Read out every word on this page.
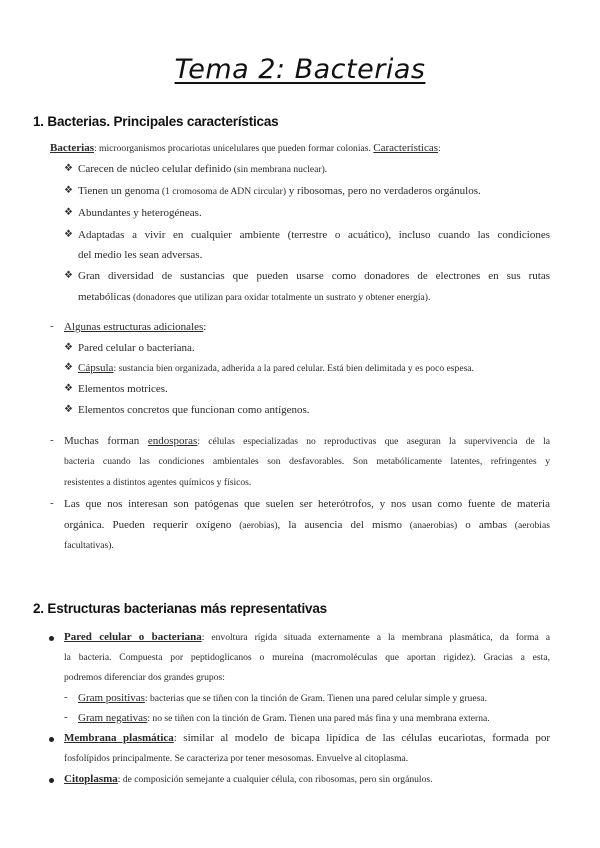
Tema 2: Bacterias
1. Bacterias. Principales características
Bacterias: microorganismos procariotas unicelulares que pueden formar colonias. Características:
❖ Carecen de núcleo celular definido (sin membrana nuclear).
❖ Tienen un genoma (1 cromosoma de ADN circular) y ribosomas, pero no verdaderos orgánulos.
❖ Abundantes y heterogéneas.
❖ Adaptadas a vivir en cualquier ambiente (terrestre o acuático), incluso cuando las condiciones
del medio les sean adversas.
❖ Gran diversidad de sustancias que pueden usarse como donadores de electrones en sus rutas
metabólicas (donadores que utilizan para oxidar totalmente un sustrato y obtener energía).
- Algunas estructuras adicionales:
❖ Pared celular o bacteriana.
❖ Cápsula: sustancia bien organizada, adherida a la pared celular. Está bien delimitada y es poco espesa.
❖ Elementos motrices.
❖ Elementos concretos que funcionan como antígenos.
- Muchas forman endosporas: células especializadas no reproductivas que aseguran la supervivencia de la
bacteria cuando las condiciones ambientales son desfavorables. Son metabólicamente latentes, refringentes y
resistentes a distintos agentes químicos y físicos.
- Las que nos interesan son patógenas que suelen ser heterótrofos, y nos usan como fuente de materia
orgánica. Pueden requerir oxígeno (aerobias), la ausencia del mismo (anaerobias) o ambas (aerobias
facultativas).
2. Estructuras bacterianas más representativas
Pared celular o bacteriana: envoltura rígida situada externamente a la membrana plasmática, da forma a
la bacteria. Compuesta por peptidoglicanos o mureína (macromoléculas que aportan rigidez). Gracias a esta,
podremos diferenciar dos grandes grupos:
- Gram positivas: bacterias que se tiñen con la tinción de Gram. Tienen una pared celular simple y gruesa.
- Gram negativas: no se tiñen con la tinción de Gram. Tienen una pared más fina y una membrana externa.
Membrana plasmática: similar al modelo de bicapa lipídica de las células eucariotas, formada por
fosfolípidos principalmente. Se caracteriza por tener mesosomas. Envuelve al citoplasma.
Citoplasma: de composición semejante a cualquier célula, con ribosomas, pero sin orgánulos.
